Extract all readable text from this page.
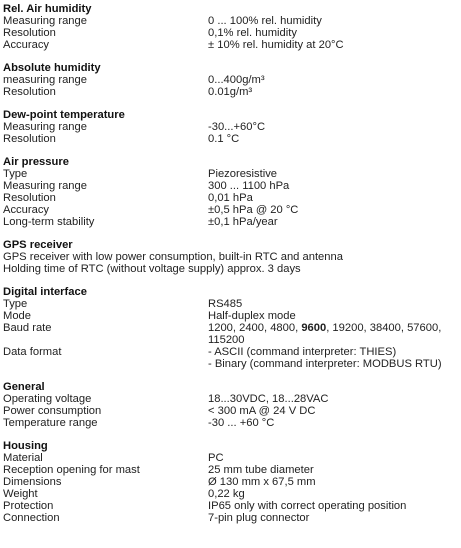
Rel. Air humidity
Measuring range	0 ... 100% rel. humidity
Resolution	0,1% rel. humidity
Accuracy	± 10% rel. humidity at 20°C
Absolute humidity
measuring range	0...400g/m³
Resolution	0.01g/m³
Dew-point temperature
Measuring range	-30...+60°C
Resolution	0.1 °C
Air pressure
Type	Piezoresistive
Measuring range	300 ... 1100 hPa
Resolution	0,01 hPa
Accuracy	±0,5 hPa @ 20 °C
Long-term stability	±0,1 hPa/year
GPS receiver
GPS receiver with low power consumption, built-in RTC and antenna
Holding time of RTC (without voltage supply) approx. 3 days
Digital interface
Type	RS485
Mode	Half-duplex mode
Baud rate	1200, 2400, 4800, 9600, 19200, 38400, 57600,
115200
Data format	- ASCII (command interpreter: THIES)
- Binary (command interpreter: MODBUS RTU)
General
Operating voltage	18...30VDC, 18...28VAC
Power consumption	< 300 mA @ 24 V DC
Temperature range	-30 ... +60 °C
Housing
Material	PC
Reception opening for mast	25 mm tube diameter
Dimensions	Ø 130 mm x 67,5 mm
Weight	0,22 kg
Protection	IP65 only with correct operating position
Connection	7-pin plug connector
